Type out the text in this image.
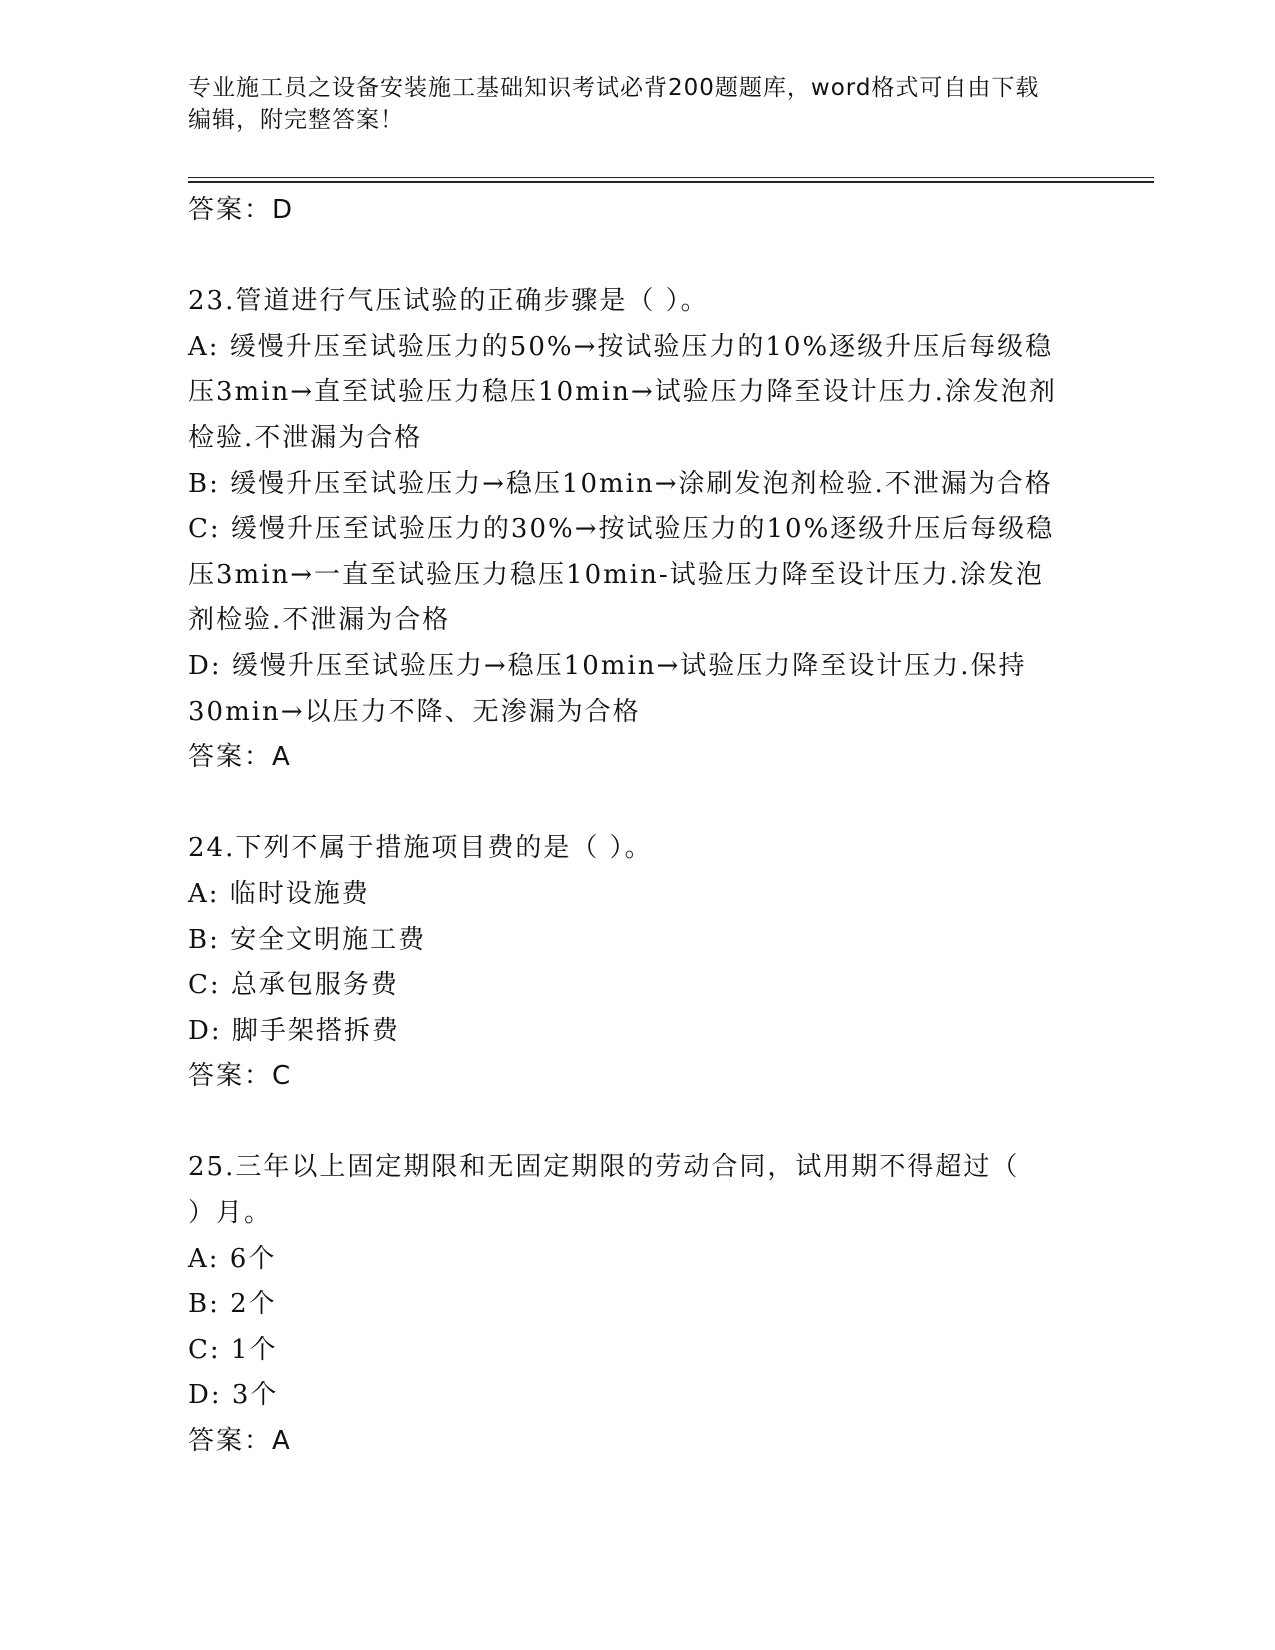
专业施工员之设备安装施工基础知识考试必背200题题库，word格式可自由下载
编辑，附完整答案！
答案：D
23.管道进行气压试验的正确步骤是（ ）。
A: 缓慢升压至试验压力的50%→按试验压力的10%逐级升压后每级稳
压3min→直至试验压力稳压10min→试验压力降至设计压力.涂发泡剂
检验.不泄漏为合格
B: 缓慢升压至试验压力→稳压10min→涂刷发泡剂检验.不泄漏为合格
C: 缓慢升压至试验压力的30%→按试验压力的10%逐级升压后每级稳
压3min→一直至试验压力稳压10min-试验压力降至设计压力.涂发泡
剂检验.不泄漏为合格
D: 缓慢升压至试验压力→稳压10min→试验压力降至设计压力.保持
30min→以压力不降、无渗漏为合格
答案：A
24.下列不属于措施项目费的是（ ）。
A: 临时设施费
B: 安全文明施工费
C: 总承包服务费
D: 脚手架搭拆费
答案：C
25.三年以上固定期限和无固定期限的劳动合同，试用期不得超过（
）月。
A: 6个
B: 2个
C: 1个
D: 3个
答案：A
